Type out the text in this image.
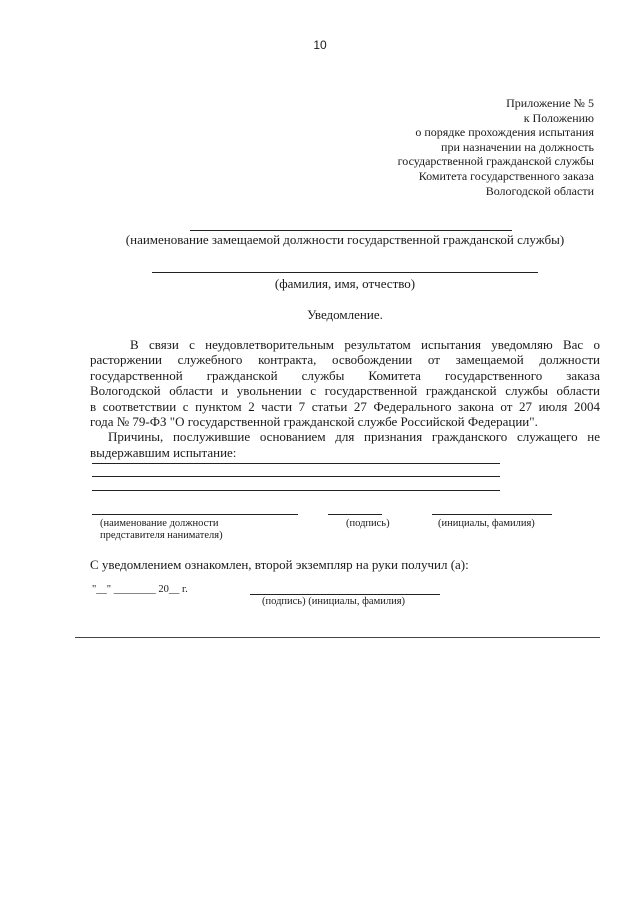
10
Приложение № 5
к Положению
о порядке прохождения испытания
при назначении на должность
государственной гражданской службы
Комитета государственного заказа
Вологодской области
(наименование замещаемой должности государственной гражданской службы)
(фамилия, имя, отчество)
Уведомление.
В связи с неудовлетворительным результатом испытания уведомляю Вас о
расторжении служебного контракта, освобождении от замещаемой должности
государственной гражданской службы Комитета государственного заказа
Вологодской области и увольнении с государственной гражданской службы области
в соответствии с пунктом 2 части 7 статьи 27 Федерального закона от 27 июля 2004
года № 79-ФЗ "О государственной гражданской службе Российской Федерации".
Причины, послужившие основанием для признания гражданского служащего не
выдержавшим испытание:
(наименование должности
представителя нанимателя)
(подпись)	(инициалы, фамилия)
С уведомлением ознакомлен, второй экземпляр на руки получил (а):
"__" ________ 20__ г.
(подпись) (инициалы, фамилия)
